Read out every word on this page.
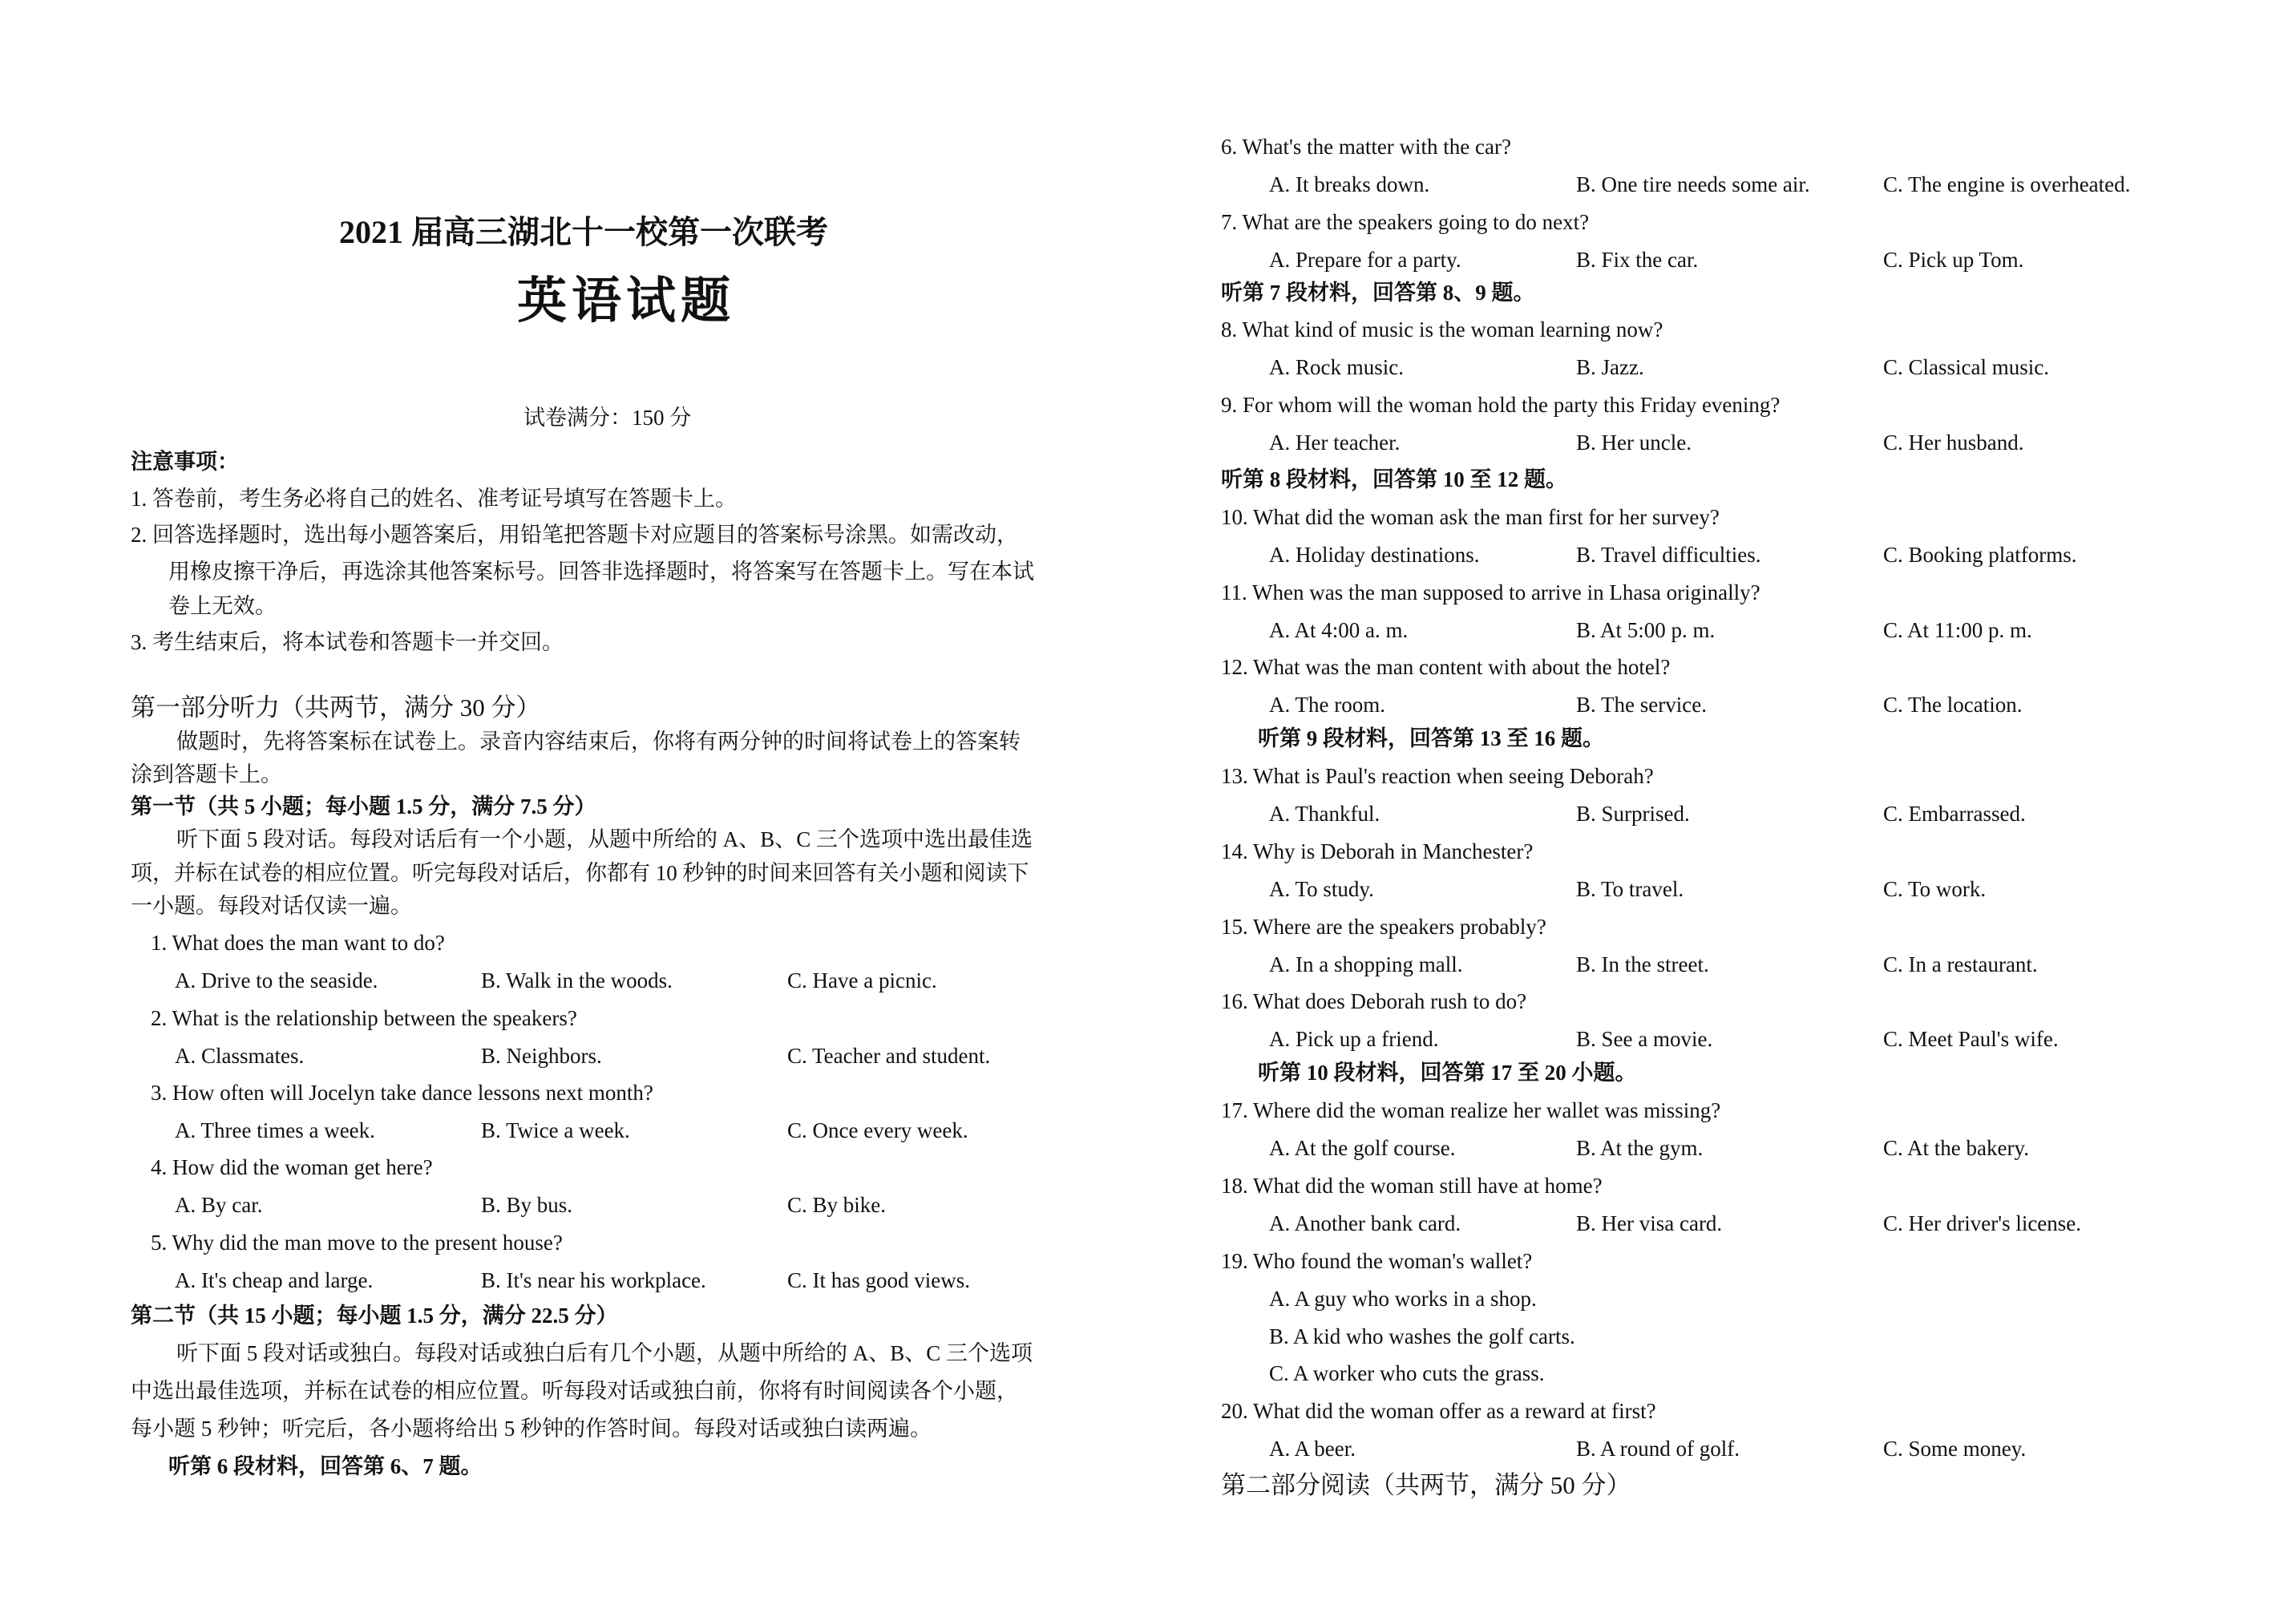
2021 届高三湖北十一校第一次联考
英语试题
试卷满分：150 分
注意事项：
1. 答卷前，考生务必将自己的姓名、准考证号填写在答题卡上。
2. 回答选择题时，选出每小题答案后，用铅笔把答题卡对应题目的答案标号涂黑。如需改动，
用橡皮擦干净后，再选涂其他答案标号。回答非选择题时，将答案写在答题卡上。写在本试
卷上无效。
3. 考生结束后，将本试卷和答题卡一并交回。
第一部分听力（共两节，满分 30 分）
做题时，先将答案标在试卷上。录音内容结束后，你将有两分钟的时间将试卷上的答案转
涂到答题卡上。
第一节（共 5 小题；每小题 1.5 分，满分 7.5 分）
听下面 5 段对话。每段对话后有一个小题，从题中所给的 A、B、C 三个选项中选出最佳选
项，并标在试卷的相应位置。听完每段对话后，你都有 10 秒钟的时间来回答有关小题和阅读下
一小题。每段对话仅读一遍。
1. What does the man want to do?
A. Drive to the seaside.	B. Walk in the woods.	C. Have a picnic.
2. What is the relationship between the speakers?
A. Classmates.	B. Neighbors.	C. Teacher and student.
3. How often will Jocelyn take dance lessons next month?
A. Three times a week.	B. Twice a week.	C. Once every week.
4. How did the woman get here?
A. By car.	B. By bus.	C. By bike.
5. Why did the man move to the present house?
A. It's cheap and large.	B. It's near his workplace.	C. It has good views.
第二节（共 15 小题；每小题 1.5 分，满分 22.5 分）
听下面 5 段对话或独白。每段对话或独白后有几个小题，从题中所给的 A、B、C 三个选项
中选出最佳选项，并标在试卷的相应位置。听每段对话或独白前，你将有时间阅读各个小题，
每小题 5 秒钟；听完后，各小题将给出 5 秒钟的作答时间。每段对话或独白读两遍。
听第 6 段材料，回答第 6、7 题。
6. What's the matter with the car?
A. It breaks down.	B. One tire needs some air.	C. The engine is overheated.
7. What are the speakers going to do next?
A. Prepare for a party.	B. Fix the car.	C. Pick up Tom.
听第 7 段材料，回答第 8、9 题。
8. What kind of music is the woman learning now?
A. Rock music.	B. Jazz.	C. Classical music.
9. For whom will the woman hold the party this Friday evening?
A. Her teacher.	B. Her uncle.	C. Her husband.
听第 8 段材料，回答第 10 至 12 题。
10. What did the woman ask the man first for her survey?
A. Holiday destinations.	B. Travel difficulties.	C. Booking platforms.
11. When was the man supposed to arrive in Lhasa originally?
A. At 4:00 a. m.	B. At 5:00 p. m.	C. At 11:00 p. m.
12. What was the man content with about the hotel?
A. The room.	B. The service.	C. The location.
听第 9 段材料，回答第 13 至 16 题。
13. What is Paul's reaction when seeing Deborah?
A. Thankful.	B. Surprised.	C. Embarrassed.
14. Why is Deborah in Manchester?
A. To study.	B. To travel.	C. To work.
15. Where are the speakers probably?
A. In a shopping mall.	B. In the street.	C. In a restaurant.
16. What does Deborah rush to do?
A. Pick up a friend.	B. See a movie.	C. Meet Paul's wife.
听第 10 段材料，回答第 17 至 20 小题。
17. Where did the woman realize her wallet was missing?
A. At the golf course.	B. At the gym.	C. At the bakery.
18. What did the woman still have at home?
A. Another bank card.	B. Her visa card.	C. Her driver's license.
19. Who found the woman's wallet?
A. A guy who works in a shop.
B. A kid who washes the golf carts.
C. A worker who cuts the grass.
20. What did the woman offer as a reward at first?
A. A beer.	B. A round of golf.	C. Some money.
第二部分阅读（共两节，满分 50 分）
